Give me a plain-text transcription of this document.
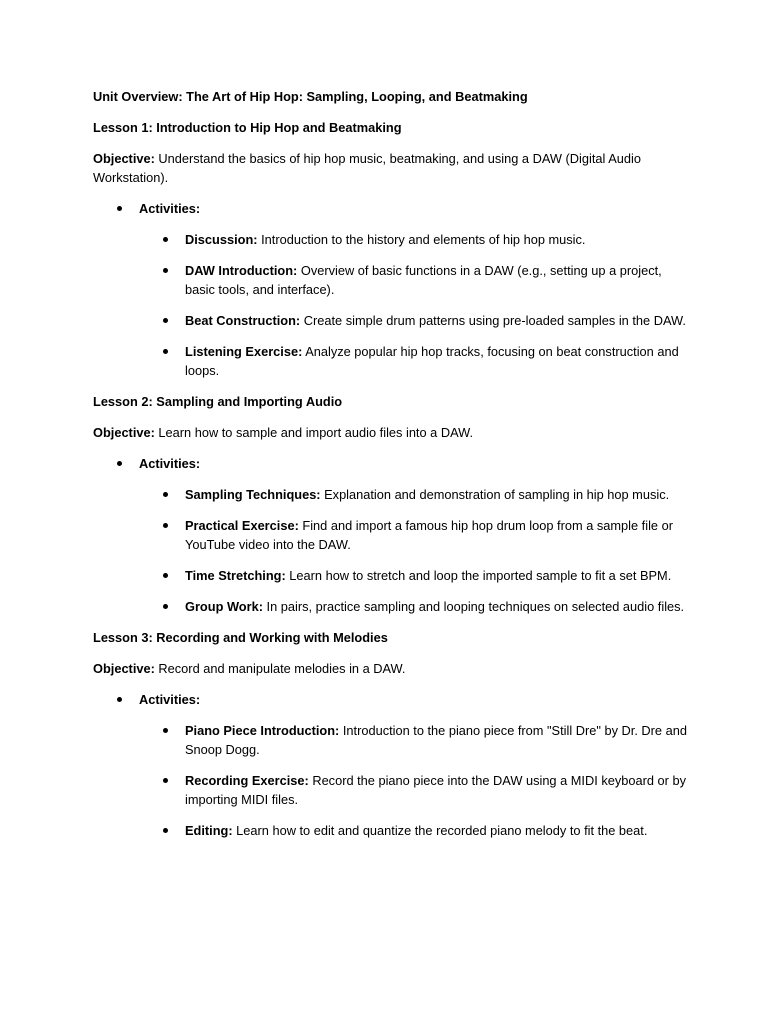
Unit Overview: The Art of Hip Hop: Sampling, Looping, and Beatmaking

Lesson 1: Introduction to Hip Hop and Beatmaking

Objective: Understand the basics of hip hop music, beatmaking, and using a DAW (Digital Audio Workstation).

Activities:
Discussion: Introduction to the history and elements of hip hop music.
DAW Introduction: Overview of basic functions in a DAW (e.g., setting up a project, basic tools, and interface).
Beat Construction: Create simple drum patterns using pre-loaded samples in the DAW.
Listening Exercise: Analyze popular hip hop tracks, focusing on beat construction and loops.

Lesson 2: Sampling and Importing Audio

Objective: Learn how to sample and import audio files into a DAW.

Activities:
Sampling Techniques: Explanation and demonstration of sampling in hip hop music.
Practical Exercise: Find and import a famous hip hop drum loop from a sample file or YouTube video into the DAW.
Time Stretching: Learn how to stretch and loop the imported sample to fit a set BPM.
Group Work: In pairs, practice sampling and looping techniques on selected audio files.

Lesson 3: Recording and Working with Melodies

Objective: Record and manipulate melodies in a DAW.

Activities:
Piano Piece Introduction: Introduction to the piano piece from "Still Dre" by Dr. Dre and Snoop Dogg.
Recording Exercise: Record the piano piece into the DAW using a MIDI keyboard or by importing MIDI files.
Editing: Learn how to edit and quantize the recorded piano melody to fit the beat.
